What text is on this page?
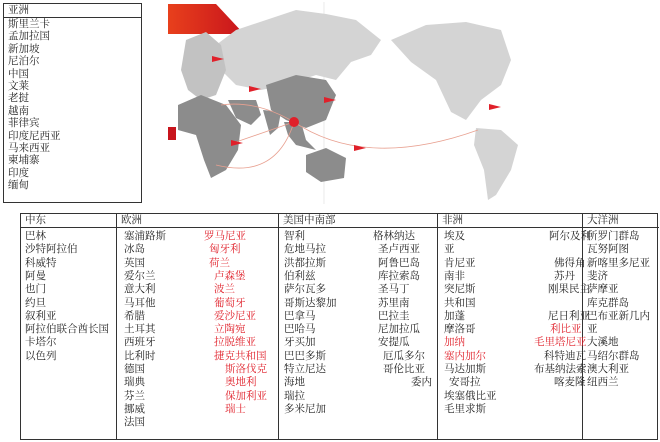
亚洲
斯里兰卡
孟加拉国
新加坡
尼泊尔
中国
文莱
老挝
越南
菲律宾
印度尼西亚
马来西亚
柬埔寨
印度
缅甸
中东
巴林
沙特阿拉伯
科威特
阿曼
也门
约旦
叙利亚
阿拉伯联合酋长国
卡塔尔
以色列
欧洲
塞浦路斯
冰岛
英国
爱尔兰
意大利
马耳他
希腊
土耳其
西班牙
比利时
德国
瑞典
芬兰
挪威
法国
罗马尼亚
匈牙利
荷兰
卢森堡
波兰
葡萄牙
爱沙尼亚
立陶宛
拉脱维亚
捷克共和国
斯洛伐克
奥地利
保加利亚
瑞士
美国中南部
智利
危地马拉
洪都拉斯
伯利兹
萨尔瓦多
哥斯达黎加
巴拿马
巴哈马
牙买加
巴巴多斯
特立尼达
海地
瑞拉
多米尼加
格林纳达
圣卢西亚
阿鲁巴岛
库拉索岛
圣马丁
苏里南
巴拉圭
尼加拉瓜
安提瓜
厄瓜多尔
哥伦比亚
委内
非洲
埃及
亚
肯尼亚
南非
突尼斯
共和国
加蓬
摩洛哥
加纳
塞内加尔
马达加斯
安哥拉
埃塞俄比亚
毛里求斯
阿尔及利
佛得角
苏丹
刚果民主
尼日利亚
利比亚
毛里塔尼亚
科特迪瓦
布基纳法索
喀麦隆
大洋洲
所罗门群岛
瓦努阿图
新喀里多尼亚
斐济
萨摩亚
库克群岛
巴布亚新几内
亚
大溪地
马绍尔群岛
澳大利亚
纽西兰
